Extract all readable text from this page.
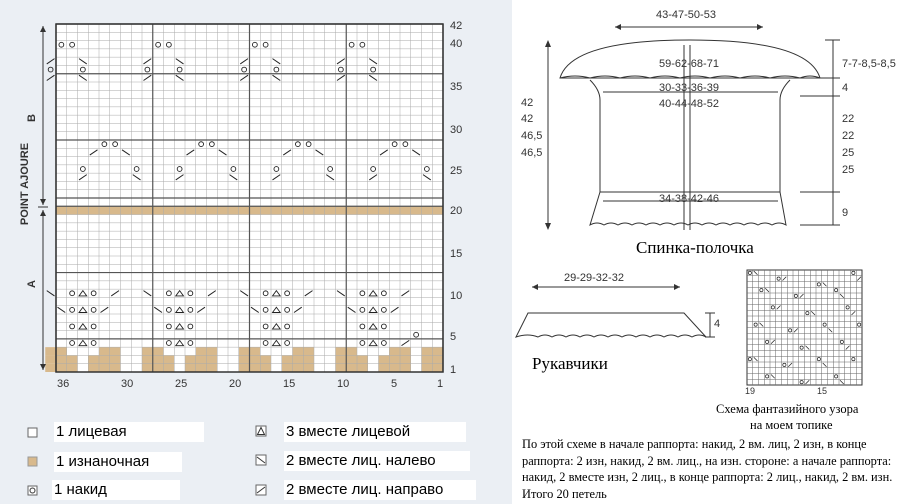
POINT AJOURE
A
B
42
40
35
30
25
20
15
10
5
1
36	30	25	20	15	10	5	1
1 лицевая
1 изнаночная
1 накид
3 вместе лицевой
2 вместе лиц. налево
2 вместе лиц. направо
43-47-50-53
59-62-68-71
30-33-36-39
40-44-48-52
34-38-42-46
42
42
46,5
46,5
7-7-8,5-8,5
4
22
22
25
25
9
Спинка-полочка
29-29-32-32
4
Рукавчики
19	15
Схема фантазийного узора
на моем топике
По этой схеме в начале раппорта: накид, 2 вм. лиц, 2 изн, в конце раппорта: 2 изн, накид, 2 вм. лиц., на изн. стороне: а начале раппорта: накид, 2 вместе изн, 2 лиц., в конце раппорта: 2 лиц., накид, 2 вм. изн. Итого 20 петель
